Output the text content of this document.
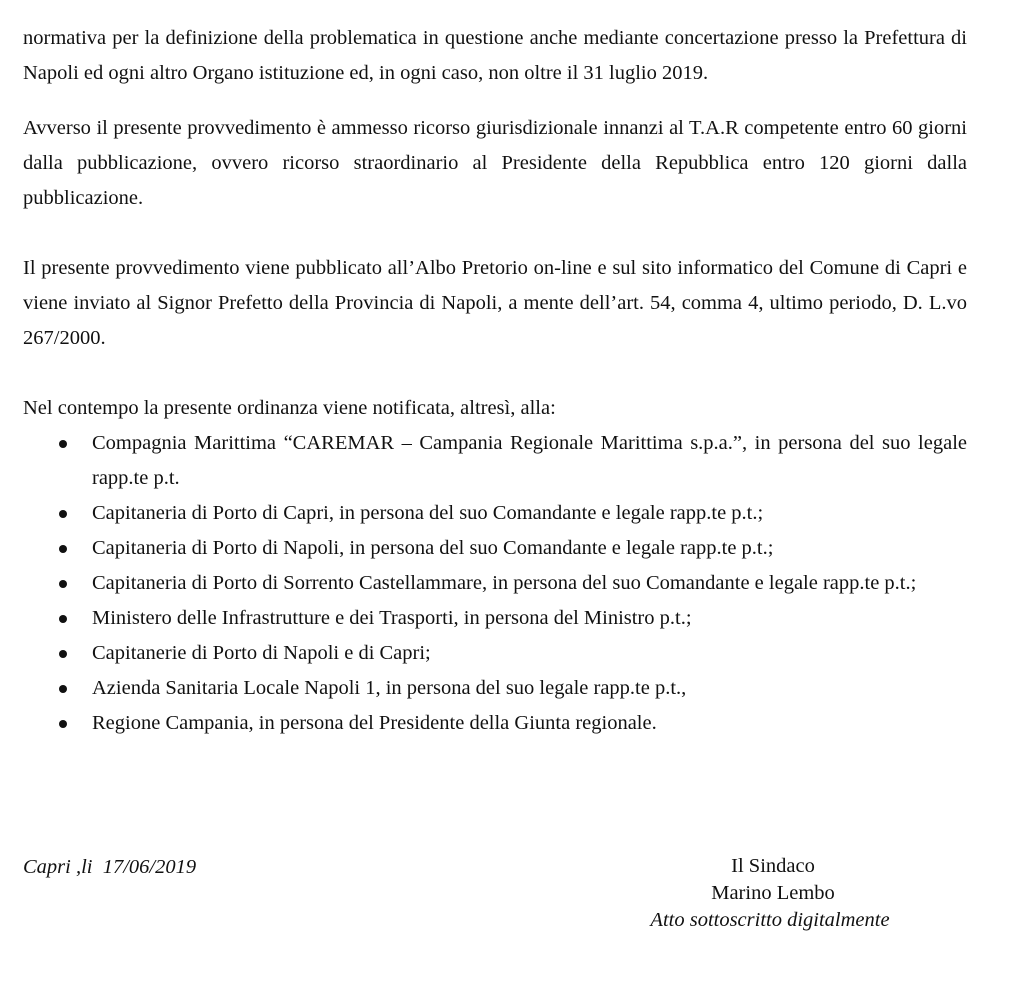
normativa per la definizione della problematica in questione anche mediante concertazione presso la Prefettura di Napoli ed ogni altro Organo istituzione ed, in ogni caso, non oltre il 31 luglio 2019.

Avverso il presente provvedimento è ammesso ricorso giurisdizionale innanzi al T.A.R competente entro 60 giorni dalla pubblicazione, ovvero ricorso straordinario al Presidente della Repubblica entro 120 giorni dalla pubblicazione.

Il presente provvedimento viene pubblicato all’Albo Pretorio on-line e sul sito informatico del Comune di Capri e viene inviato al Signor Prefetto della Provincia di Napoli, a mente dell’art. 54, comma 4, ultimo periodo, D. L.vo 267/2000.

Nel contempo la presente ordinanza viene notificata, altresì, alla:

Compagnia Marittima “CAREMAR – Campania Regionale Marittima s.p.a.”, in persona del suo legale rapp.te p.t.
Capitaneria di Porto di Capri, in persona del suo Comandante e legale rapp.te p.t.;
Capitaneria di Porto di Napoli, in persona del suo Comandante e legale rapp.te p.t.;
Capitaneria di Porto di Sorrento Castellammare, in persona del suo Comandante e legale rapp.te p.t.;
Ministero delle Infrastrutture e dei Trasporti, in persona del Ministro p.t.;
Capitanerie di Porto di Napoli e di Capri;
Azienda Sanitaria Locale Napoli 1, in persona del suo legale rapp.te p.t.,
Regione Campania, in persona del Presidente della Giunta regionale.
Capri ,li  17/06/2019	Il Sindaco
Marino Lembo
Atto sottoscritto digitalmente
